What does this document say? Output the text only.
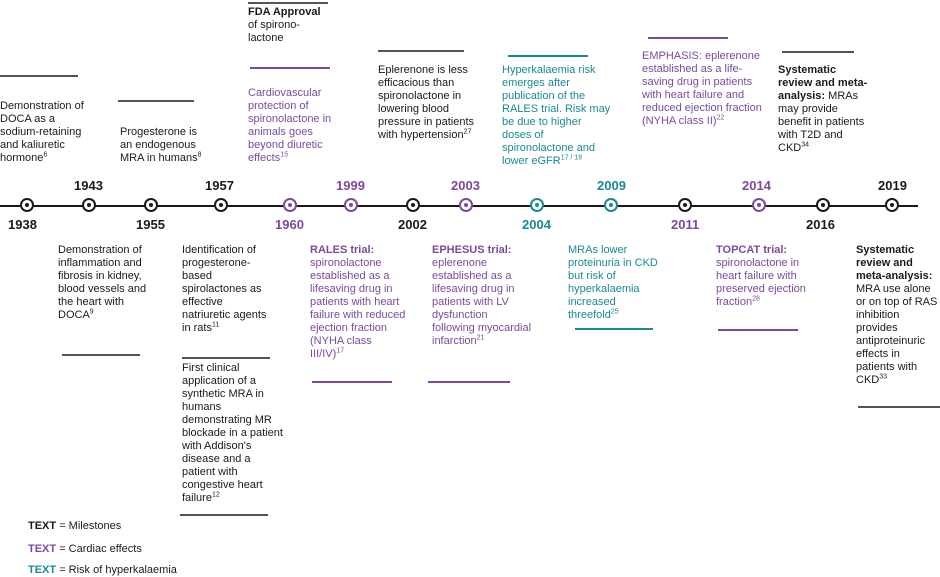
1938
1943
1955
1957
1960
1999
2002
2003
2004
2009
2011
2014
2016
2019
Demonstration of DOCA as a sodium-retaining and kaliuretic hormone$^6$
Progesterone is an endogenous MRA in humans$^8$
FDA Approval
of spirono-lactone
Cardiovascular protection of spironolactone in animals goes beyond diuretic effects$^{15}$
Eplerenone is less efficacious than spironolactone in lowering blood pressure in patients with hypertension$^{27}$
Hyperkalaemia risk emerges after publication of the RALES trial. Risk may be due to higher doses of spironolactone and lower eGFR$^{17 / 18}$
EMPHASIS: eplerenone established as a life-saving drug in patients with heart failure and reduced ejection fraction (NYHA class II)$^{22}$
Systematic review and meta-analysis: MRAs may provide benefit in patients with T2D and CKD$^{34}$
Demonstration of inflammation and fibrosis in kidney, blood vessels and the heart with DOCA$^9$
Identification of progesterone-based spirolactones as effective natriuretic agents in rats$^{11}$
First clinical application of a synthetic MRA in humans demonstrating MR blockade in a patient with Addison's disease and a patient with congestive heart failure$^{12}$
RALES trial: spironolactone established as a lifesaving drug in patients with heart failure with reduced ejection fraction (NYHA class III/IV)$^{17}$
EPHESUS trial: eplerenone established as a lifesaving drug in patients with LV dysfunction following myocardial infarction$^{21}$
MRAs lower proteinuria in CKD but risk of hyperkalaemia increased threefold$^{25}$
TOPCAT trial: spironolactone in heart failure with preserved ejection fraction$^{28}$
Systematic review and meta-analysis: MRA use alone or on top of RAS inhibition provides antiproteinuric effects in patients with CKD$^{33}$
TEXT = Milestones
TEXT = Cardiac effects
TEXT = Risk of hyperkalaemia
